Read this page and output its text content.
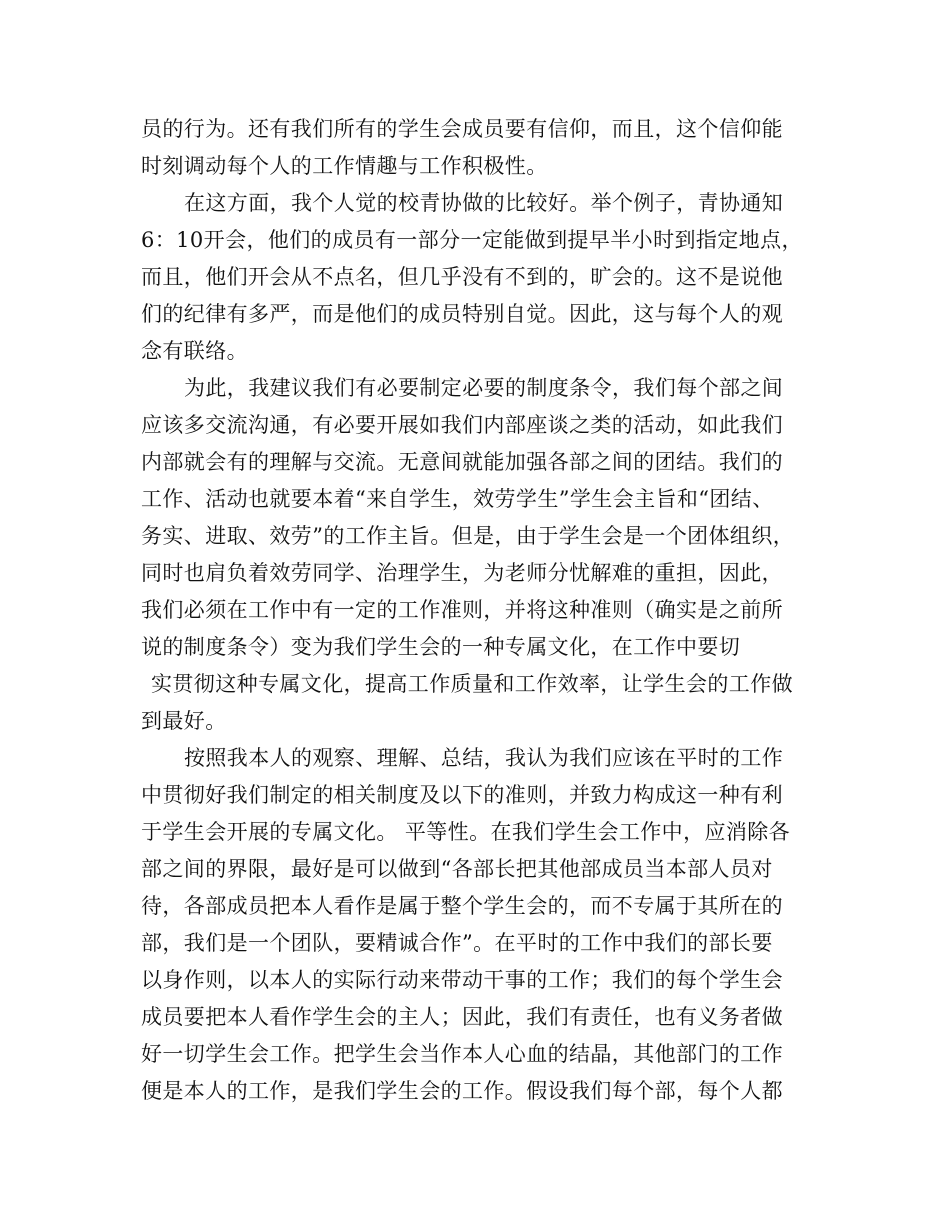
员的行为。还有我们所有的学生会成员要有信仰，而且，这个信仰能
时刻调动每个人的工作情趣与工作积极性。
在这方面，我个人觉的校青协做的比较好。举个例子，青协通知
6：10开会，他们的成员有一部分一定能做到提早半小时到指定地点，
而且，他们开会从不点名，但几乎没有不到的，旷会的。这不是说他
们的纪律有多严，而是他们的成员特别自觉。因此，这与每个人的观
念有联络。
为此，我建议我们有必要制定必要的制度条令，我们每个部之间
应该多交流沟通，有必要开展如我们内部座谈之类的活动，如此我们
内部就会有的理解与交流。无意间就能加强各部之间的团结。我们的
工作、活动也就要本着“来自学生，效劳学生”学生会主旨和“团结、
务实、进取、效劳”的工作主旨。但是，由于学生会是一个团体组织，
同时也肩负着效劳同学、治理学生，为老师分忧解难的重担，因此，
我们必须在工作中有一定的工作准则，并将这种准则（确实是之前所
说的制度条令）变为我们学生会的一种专属文化，在工作中要切
实贯彻这种专属文化，提高工作质量和工作效率，让学生会的工作做
到最好。
按照我本人的观察、理解、总结，我认为我们应该在平时的工作
中贯彻好我们制定的相关制度及以下的准则，并致力构成这一种有利
于学生会开展的专属文化。 平等性。在我们学生会工作中，应消除各
部之间的界限，最好是可以做到“各部长把其他部成员当本部人员对
待，各部成员把本人看作是属于整个学生会的，而不专属于其所在的
部，我们是一个团队，要精诚合作”。在平时的工作中我们的部长要
以身作则，以本人的实际行动来带动干事的工作；我们的每个学生会
成员要把本人看作学生会的主人；因此，我们有责任，也有义务者做
好一切学生会工作。把学生会当作本人心血的结晶，其他部门的工作
便是本人的工作，是我们学生会的工作。假设我们每个部，每个人都
